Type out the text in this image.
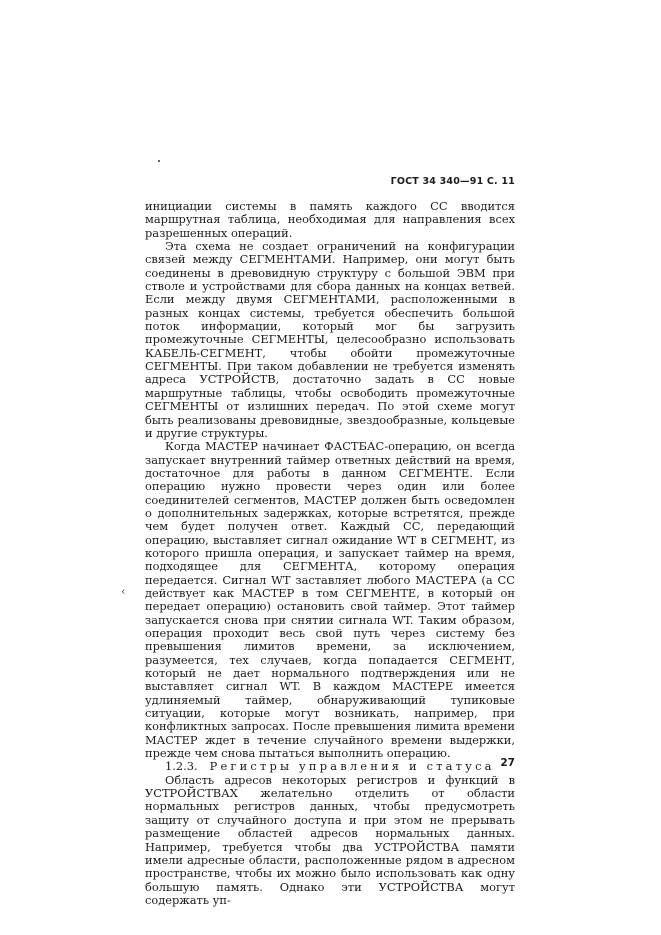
ГОСТ 34 340—91 С. 11

инициации системы в память каждого СС вводится маршрутная таблица, необходимая для направления всех разрешенных операций.

Эта схема не создает ограничений на конфигурации связей между СЕГМЕНТАМИ. Например, они могут быть соединены в древовидную структуру с большой ЭВМ при стволе и устройствами для сбора данных на концах ветвей. Если между двумя СЕГМЕНТАМИ, расположенными в разных концах системы, требуется обеспечить большой поток информации, который мог бы загрузить промежуточные СЕГМЕНТЫ, целесообразно использовать КАБЕЛЬ-СЕГМЕНТ, чтобы обойти промежуточные СЕГМЕНТЫ. При таком добавлении не требуется изменять адреса УСТРОЙСТВ, достаточно задать в СС новые маршрутные таблицы, чтобы освободить промежуточные СЕГМЕНТЫ от излишних передач. По этой схеме могут быть реализованы древовидные, звездообразные, кольцевые и другие структуры.

Когда МАСТЕР начинает ФАСТБАС-операцию, он всегда запускает внутренний таймер ответных действий на время, достаточное для работы в данном СЕГМЕНТЕ. Если операцию нужно провести через один или более соединителей сегментов, МАСТЕР должен быть осведомлен о дополнительных задержках, которые встретятся, прежде чем будет получен ответ. Каждый СС, передающий операцию, выставляет сигнал ожидание WT в СЕГМЕНТ, из которого пришла операция, и запускает таймер на время, подходящее для СЕГМЕНТА, которому операция передается. Сигнал WT заставляет любого МАСТЕРА (а СС действует как МАСТЕР в том СЕГМЕНТЕ, в который он передает операцию) остановить свой таймер. Этот таймер запускается снова при снятии сигнала WT. Таким образом, операция проходит весь свой путь через систему без превышения лимитов времени, за исключением, разумеется, тех случаев, когда попадается СЕГМЕНТ, который не дает нормального подтверждения или не выставляет сигнал WT. В каждом МАСТЕРЕ имеется удлиняемый таймер, обнаруживающий тупиковые ситуации, которые могут возникать, например, при конфликтных запросах. После превышения лимита времени МАСТЕР ждет в течение случайного времени выдержки, прежде чем снова пытаться выполнить операцию.

1.2.3. Регистры управления и статуса

Область адресов некоторых регистров и функций в УСТРОЙСТВАХ желательно отделить от области нормальных регистров данных, чтобы предусмотреть защиту от случайного доступа и при этом не прерывать размещение областей адресов нормальных данных. Например, требуется чтобы два УСТРОЙСТВА памяти имели адресные области, расположенные рядом в адресном пространстве, чтобы их можно было использовать как одну большую память. Однако эти УСТРОЙСТВА могут содержать уп-

‹
27
